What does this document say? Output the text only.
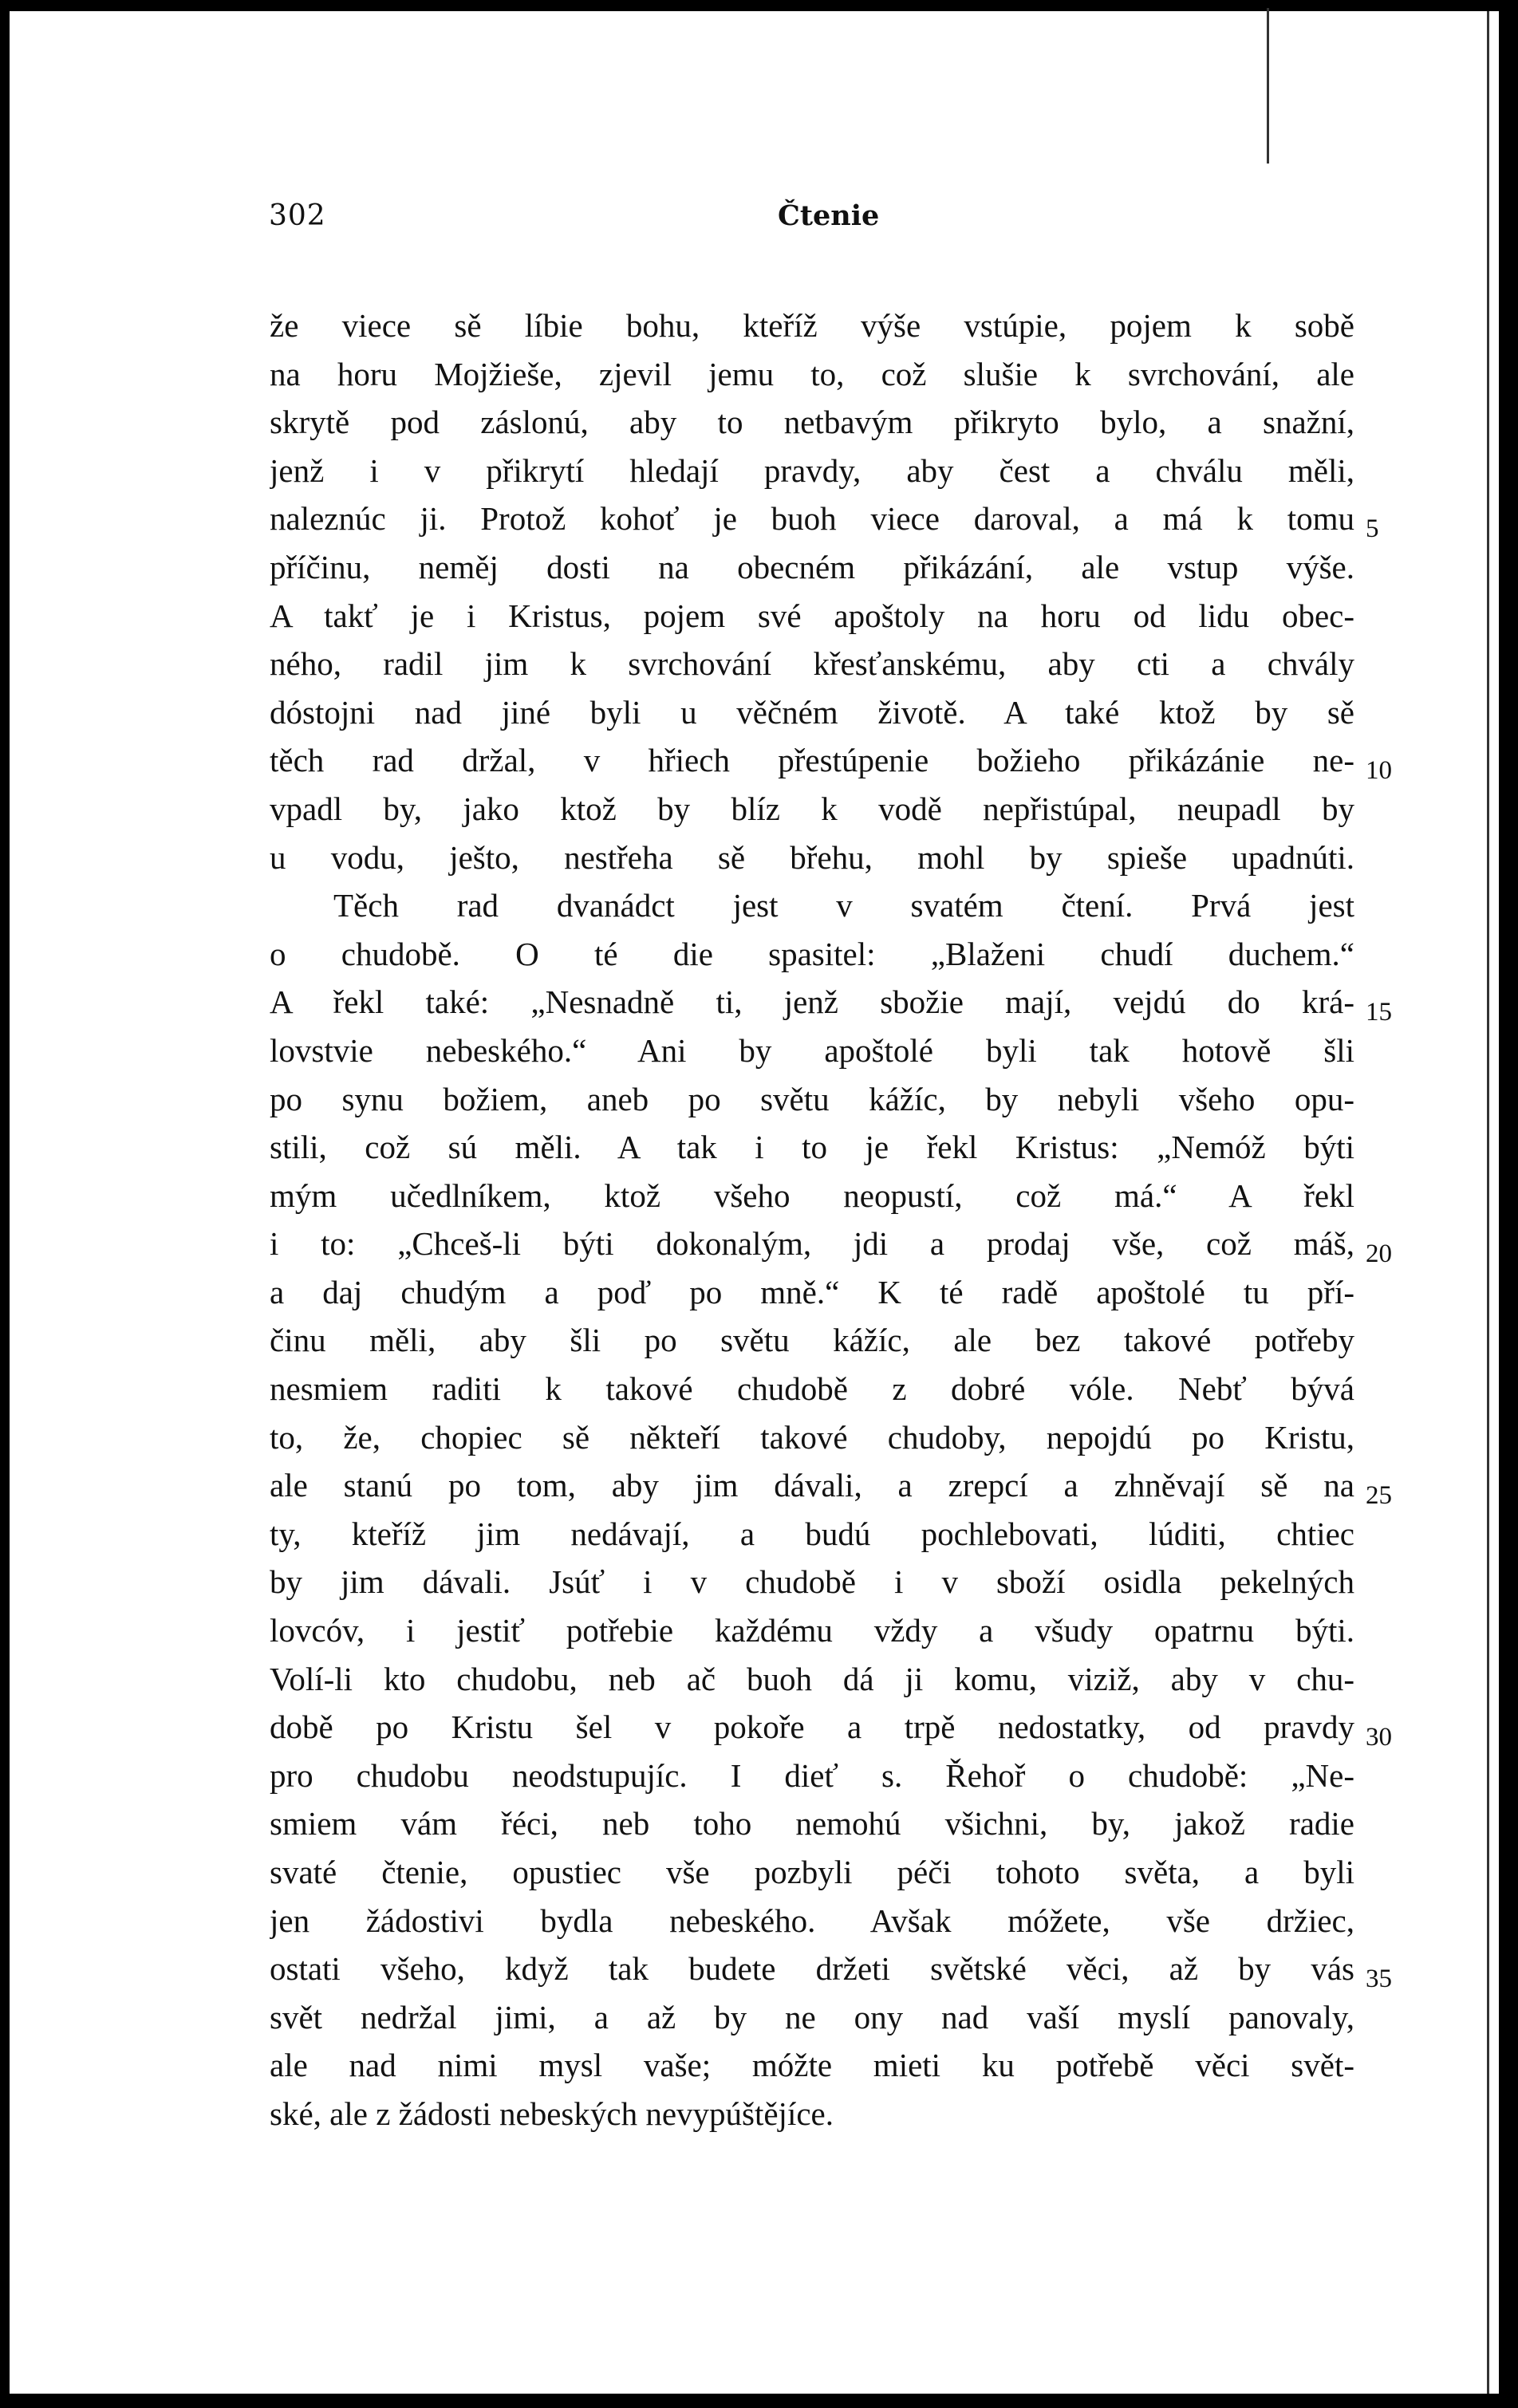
302	Čtenie
že viece sě líbie bohu, kteříž výše vstúpie, pojem k sobě
na horu Mojžieše, zjevil jemu to, což slušie k svrchování, ale
skrytě pod záslonú, aby to netbavým přikryto bylo, a snažní,
jenž i v přikrytí hledají pravdy, aby čest a chválu měli,
naleznúc ji. Protož kohoť je buoh viece daroval, a má k tomu
příčinu, neměj dosti na obecném přikázání, ale vstup výše.
A takť je i Kristus, pojem své apoštoly na horu od lidu obec-
ného, radil jim k svrchování křesťanskému, aby cti a chvály
dóstojni nad jiné byli u věčném životě. A také ktož by sě
těch rad držal, v hřiech přestúpenie božieho přikázánie ne-
vpadl by, jako ktož by blíz k vodě nepřistúpal, neupadl by
u vodu, ješto, nestřeha sě břehu, mohl by spieše upadnúti.
Těch rad dvanádct jest v svatém čtení. Prvá jest
o chudobě. O té die spasitel: „Blaženi chudí duchem.“
A řekl také: „Nesnadně ti, jenž sbožie mají, vejdú do krá-
lovstvie nebeského.“ Ani by apoštolé byli tak hotově šli
po synu božiem, aneb po světu kážíc, by nebyli všeho opu-
stili, což sú měli. A tak i to je řekl Kristus: „Nemóž býti
mým učedlníkem, ktož všeho neopustí, což má.“ A řekl
i to: „Chceš-li býti dokonalým, jdi a prodaj vše, což máš,
a daj chudým a poď po mně.“ K té radě apoštolé tu pří-
činu měli, aby šli po světu kážíc, ale bez takové potřeby
nesmiem raditi k takové chudobě z dobré vóle. Nebť bývá
to, že, chopiec sě někteří takové chudoby, nepojdú po Kristu,
ale stanú po tom, aby jim dávali, a zrepcí a zhněvají sě na
ty, kteříž jim nedávají, a budú pochlebovati, lúditi, chtiec
by jim dávali. Jsúť i v chudobě i v sboží osidla pekelných
lovcóv, i jestiť potřebie každému vždy a všudy opatrnu býti.
Volí-li kto chudobu, neb ač buoh dá ji komu, viziž, aby v chu-
době po Kristu šel v pokoře a trpě nedostatky, od pravdy
pro chudobu neodstupujíc. I dieť s. Řehoř o chudobě: „Ne-
smiem vám řéci, neb toho nemohú všichni, by, jakož radie
svaté čtenie, opustiec vše pozbyli péči tohoto světa, a byli
jen žádostivi bydla nebeského. Avšak móžete, vše držiec,
ostati všeho, když tak budete držeti světské věci, až by vás
svět nedržal jimi, a až by ne ony nad vaší myslí panovaly,
ale nad nimi mysl vaše; móžte mieti ku potřebě věci svět-
ské, ale z žádosti nebeských nevypúštějíce.
5
10
15
20
25
30
35
